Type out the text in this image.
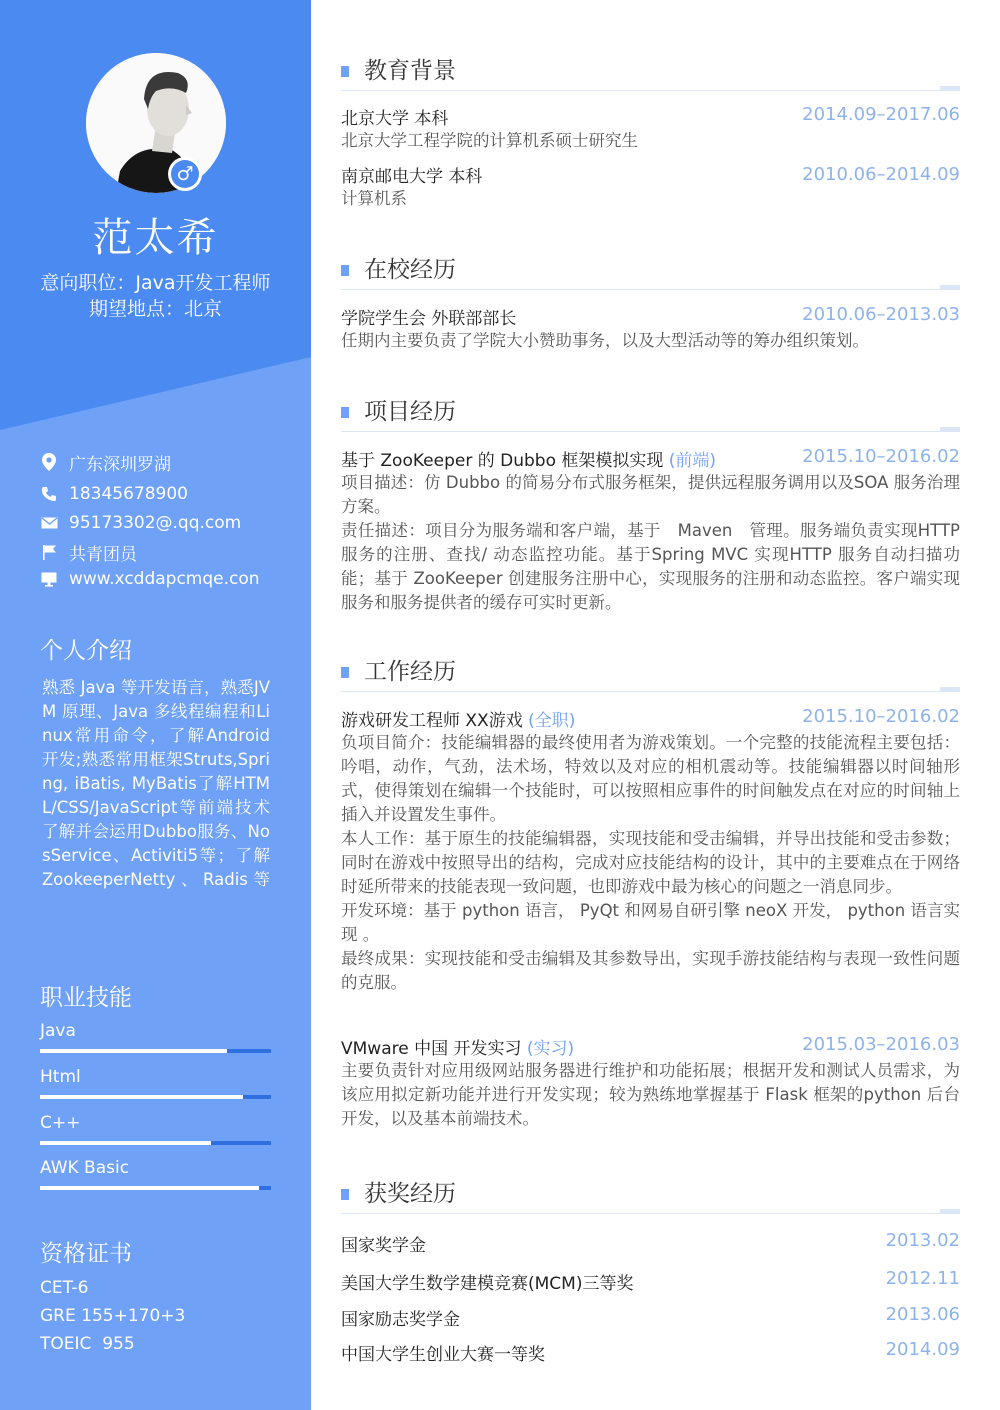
♂
范太希
意向职位：Java开发工程师
期望地点：北京
广东深圳罗湖
18345678900
95173302@.qq.com
共青团员
www.xcddapcmqe.con
个人介绍
熟悉 Java 等开发语言，熟悉JVM 原理、Java 多线程编程和Linux常用命令，了解Android 开发;熟悉常用框架Struts,Spring, iBatis, MyBatis了解HTML/CSS/JavaScript等前端技术了解并会运用Dubbo服务、NosService、Activiti5等；了解ZookeeperNetty、Radis等
职业技能
Java
Html
C++
AWK Basic
资格证书
CET-6
GRE 155+170+3
TOEIC  955
教育背景
北京大学 本科	2014.09–2017.06
北京大学工程学院的计算机系硕士研究生
南京邮电大学 本科	2010.06–2014.09
计算机系
在校经历
学院学生会 外联部部长	2010.06–2013.03
任期内主要负责了学院大小赞助事务，以及大型活动等的筹办组织策划。
项目经历
基于 ZooKeeper 的 Dubbo 框架模拟实现 (前端)	2015.10–2016.02
项目描述：仿 Dubbo 的简易分布式服务框架，提供远程服务调用以及SOA 服务治理方案。
责任描述：项目分为服务端和客户端，基于　Maven　管理。服务端负责实现HTTP 服务的注册、查找/ 动态监控功能。基于Spring MVC 实现HTTP 服务自动扫描功能；基于 ZooKeeper 创建服务注册中心，实现服务的注册和动态监控。客户端实现服务和服务提供者的缓存可实时更新。
工作经历
游戏研发工程师 XX游戏 (全职)	2015.10–2016.02
负项目简介：技能编辑器的最终使用者为游戏策划。一个完整的技能流程主要包括： 吟唱，动作，气劲，法术场，特效以及对应的相机震动等。技能编辑器以时间轴形式，使得策划在编辑一个技能时，可以按照相应事件的时间触发点在对应的时间轴上插入并设置发生事件。
本人工作：基于原生的技能编辑器，实现技能和受击编辑，并导出技能和受击参数；同时在游戏中按照导出的结构，完成对应技能结构的设计，其中的主要难点在于网络时延所带来的技能表现一致问题，也即游戏中最为核心的问题之一消息同步。
开发环境：基于 python 语言， PyQt 和网易自研引擎 neoX 开发， python 语言实现 。
最终成果：实现技能和受击编辑及其参数导出，实现手游技能结构与表现一致性问题的克服。
VMware 中国 开发实习 (实习)	2015.03–2016.03
主要负责针对应用级网站服务器进行维护和功能拓展；根据开发和测试人员需求，为该应用拟定新功能并进行开发实现；较为熟练地掌握基于 Flask 框架的python 后台开发，以及基本前端技术。
获奖经历
国家奖学金	2013.02
美国大学生数学建模竞赛(MCM)三等奖	2012.11
国家励志奖学金	2013.06
中国大学生创业大赛一等奖	2014.09
